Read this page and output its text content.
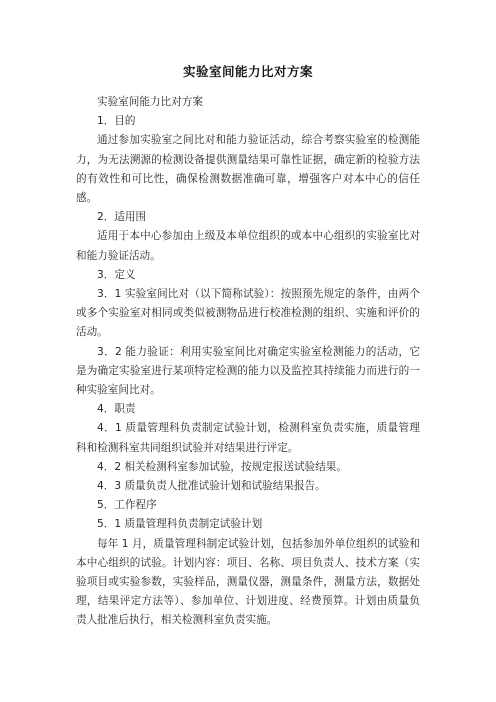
实验室间能力比对方案

实验室间能力比对方案

1．目的

通过参加实验室之间比对和能力验证活动，综合考察实验室的检测能力，为无法溯源的检测设备提供测量结果可靠性证据，确定新的检验方法的有效性和可比性，确保检测数据准确可靠，增强客户对本中心的信任感。

2．适用围

适用于本中心参加由上级及本单位组织的或本中心组织的实验室比对和能力验证活动。

3．定义

3．1 实验室间比对（以下简称试验）：按照预先规定的条件，由两个或多个实验室对相同或类似被测物品进行校准检测的组织、实施和评价的活动。

3．2 能力验证：利用实验室间比对确定实验室检测能力的活动，它是为确定实验室进行某项特定检测的能力以及监控其持续能力而进行的一种实验室间比对。

4．职责

4．1 质量管理科负责制定试验计划，检测科室负责实施，质量管理科和检测科室共同组织试验并对结果进行评定。

4．2 相关检测科室参加试验，按规定报送试验结果。

4．3 质量负责人批准试验计划和试验结果报告。

5．工作程序

5．1 质量管理科负责制定试验计划

每年 1 月，质量管理科制定试验计划，包括参加外单位组织的试验和本中心组织的试验。计划内容：项目、名称、项目负责人、技术方案（实验项目或实验参数，实验样品，测量仪器，测量条件，测量方法，数据处理，结果评定方法等）、参加单位、计划进度、经费预算。计划由质量负责人批准后执行，相关检测科室负责实施。
